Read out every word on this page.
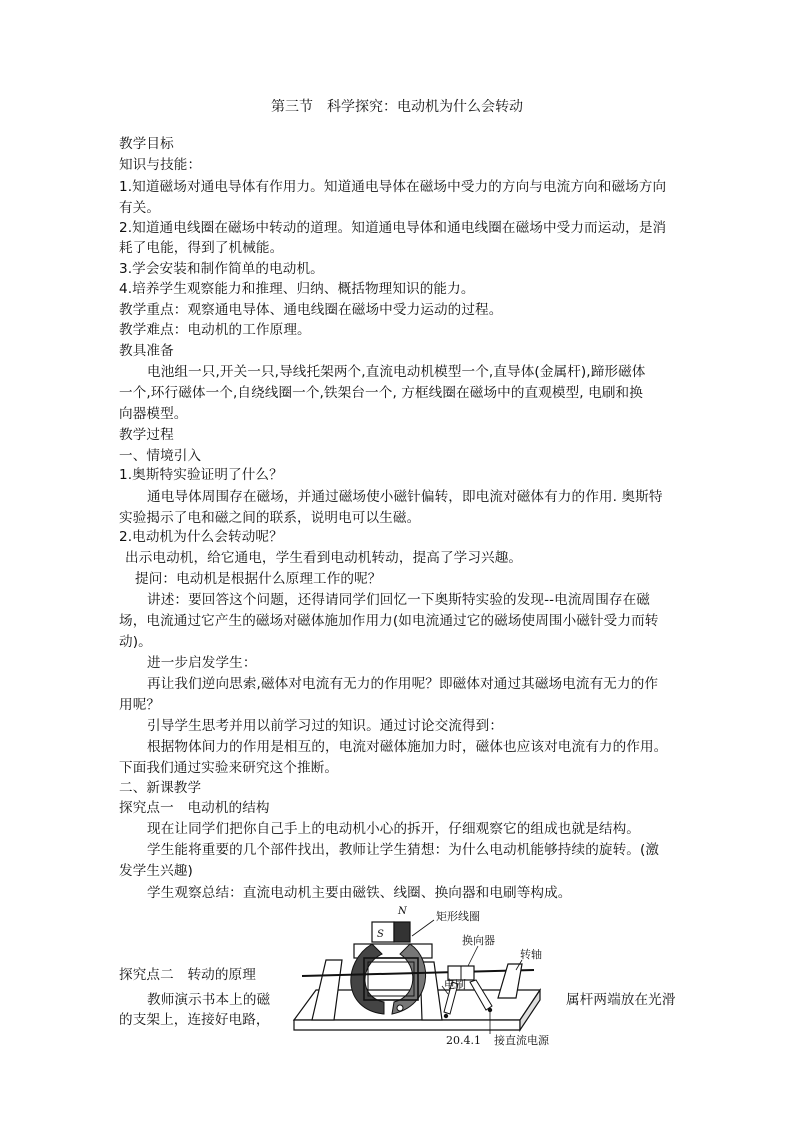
第三节　科学探究：电动机为什么会转动
教学目标
知识与技能：
1.知道磁场对通电导体有作用力。知道通电导体在磁场中受力的方向与电流方向和磁场方向
有关。
2.知道通电线圈在磁场中转动的道理。知道通电导体和通电线圈在磁场中受力而运动，是消
耗了电能，得到了机械能。
3.学会安装和制作简单的电动机。
4.培养学生观察能力和推理、归纳、概括物理知识的能力。
教学重点：观察通电导体、通电线圈在磁场中受力运动的过程。
教学难点：电动机的工作原理。
教具准备
电池组一只,开关一只,导线托架两个,直流电动机模型一个,直导体(金属杆),蹄形磁体
一个,环行磁体一个,自绕线圈一个,铁架台一个, 方框线圈在磁场中的直观模型, 电刷和换
向器模型。
教学过程
一、情境引入
1.奥斯特实验证明了什么？
通电导体周围存在磁场，并通过磁场使小磁针偏转，即电流对磁体有力的作用. 奥斯特
实验揭示了电和磁之间的联系，说明电可以生磁。
2.电动机为什么会转动呢？
出示电动机，给它通电，学生看到电动机转动，提高了学习兴趣。
提问：电动机是根据什么原理工作的呢？
讲述：要回答这个问题，还得请同学们回忆一下奥斯特实验的发现--电流周围存在磁
场，电流通过它产生的磁场对磁体施加作用力(如电流通过它的磁场使周围小磁针受力而转
动)。
进一步启发学生：
再让我们逆向思索,磁体对电流有无力的作用呢？即磁体对通过其磁场电流有无力的作
用呢？
引导学生思考并用以前学习过的知识。通过讨论交流得到：
根据物体间力的作用是相互的，电流对磁体施加力时，磁体也应该对电流有力的作用。
下面我们通过实验来研究这个推断。
二、新课教学
探究点一　电动机的结构
现在让同学们把你自己手上的电动机小心的拆开，仔细观察它的组成也就是结构。
学生能将重要的几个部件找出，教师让学生猜想：为什么电动机能够持续的旋转。(激
发学生兴趣)
学生观察总结：直流电动机主要由磁铁、线圈、换向器和电刷等构成。
探究点二　转动的原理
教师演示书本上的磁	属杆两端放在光滑
的支架上，连接好电路，
S
N	矩形线圈
换向器
转轴
电刷
20.4.1 接直流电源
